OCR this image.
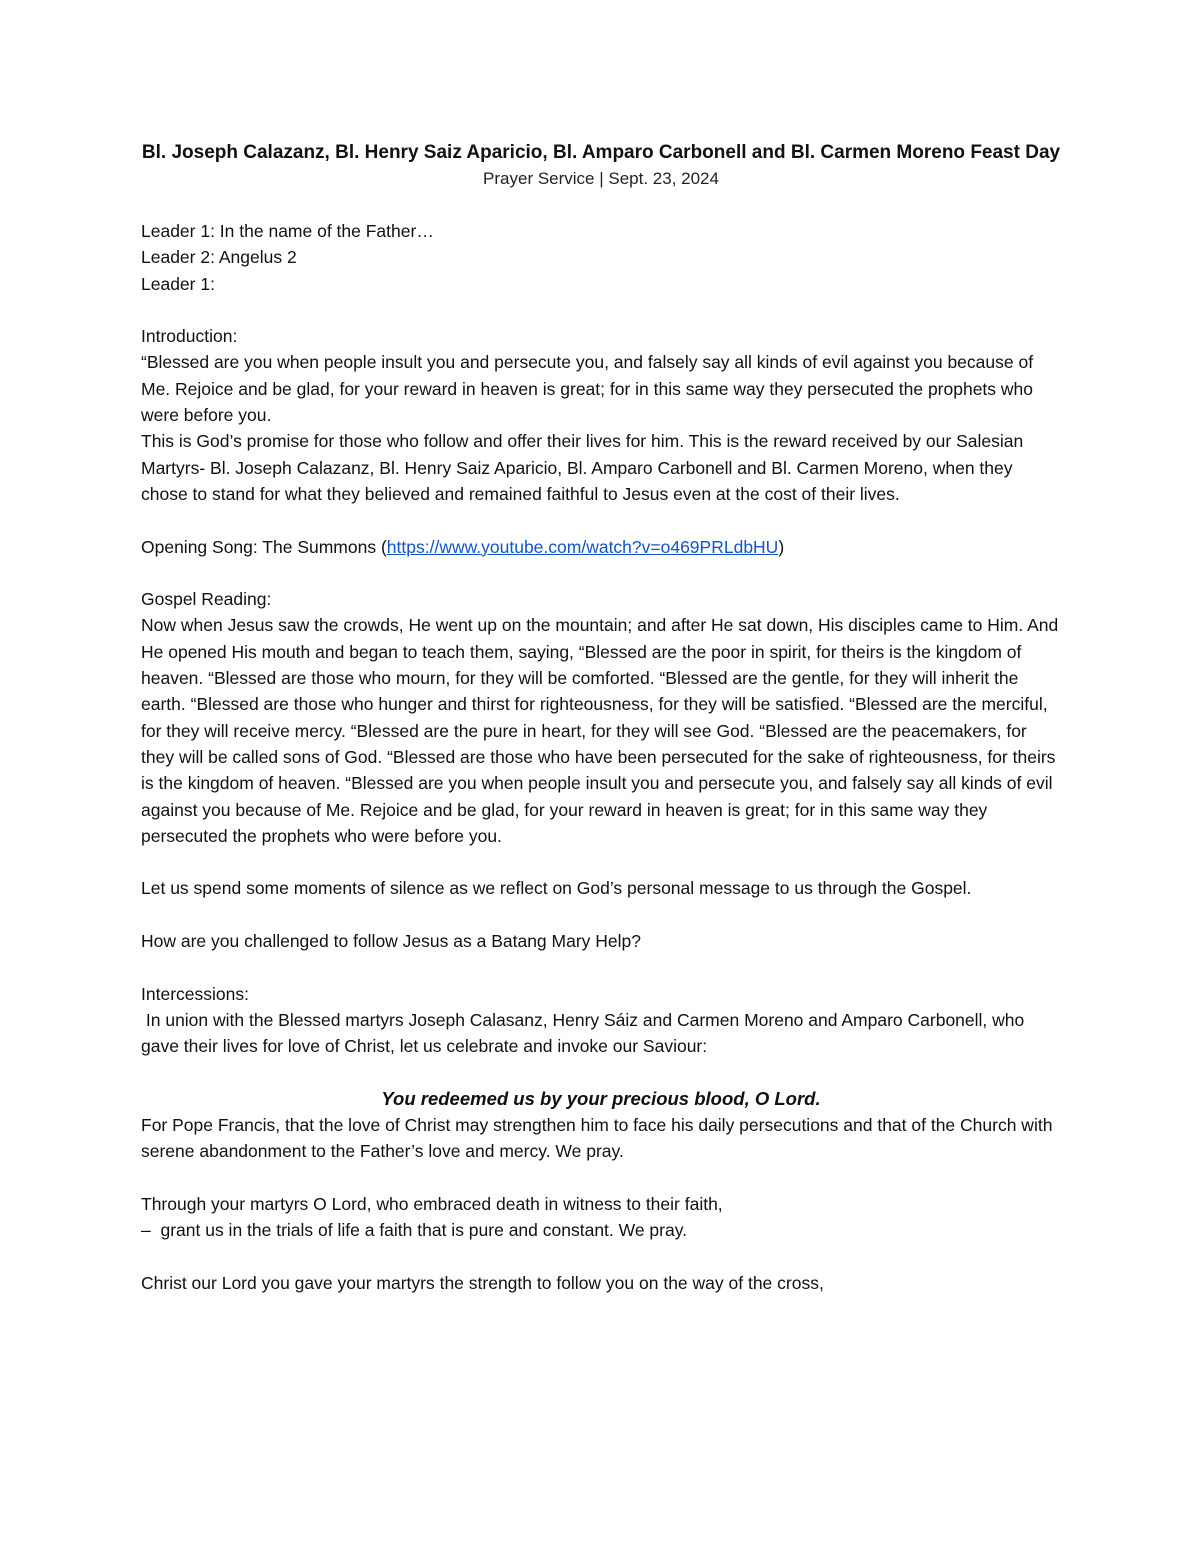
Bl. Joseph Calazanz, Bl. Henry Saiz Aparicio, Bl. Amparo Carbonell and Bl. Carmen Moreno Feast Day

Prayer Service | Sept. 23, 2024

Leader 1: In the name of the Father…

Leader 2: Angelus 2

Leader 1:

Introduction:

“Blessed are you when people insult you and persecute you, and falsely say all kinds of evil against you because of Me. Rejoice and be glad, for your reward in heaven is great; for in this same way they persecuted the prophets who were before you.

This is God’s promise for those who follow and offer their lives for him. This is the reward received by our Salesian Martyrs- Bl. Joseph Calazanz, Bl. Henry Saiz Aparicio, Bl. Amparo Carbonell and Bl. Carmen Moreno, when they chose to stand for what they believed and remained faithful to Jesus even at the cost of their lives.

Opening Song: The Summons (https://www.youtube.com/watch?v=o469PRLdbHU)

Gospel Reading:

Now when Jesus saw the crowds, He went up on the mountain; and after He sat down, His disciples came to Him. And He opened His mouth and began to teach them, saying, “Blessed are the poor in spirit, for theirs is the kingdom of heaven. “Blessed are those who mourn, for they will be comforted. “Blessed are the gentle, for they will inherit the earth. “Blessed are those who hunger and thirst for righteousness, for they will be satisfied. “Blessed are the merciful, for they will receive mercy. “Blessed are the pure in heart, for they will see God. “Blessed are the peacemakers, for they will be called sons of God. “Blessed are those who have been persecuted for the sake of righteousness, for theirs is the kingdom of heaven. “Blessed are you when people insult you and persecute you, and falsely say all kinds of evil against you because of Me. Rejoice and be glad, for your reward in heaven is great; for in this same way they persecuted the prophets who were before you.

Let us spend some moments of silence as we reflect on God’s personal message to us through the Gospel.

How are you challenged to follow Jesus as a Batang Mary Help?

Intercessions:

In union with the Blessed martyrs Joseph Calasanz, Henry Sáiz and Carmen Moreno and Amparo Carbonell, who gave their lives for love of Christ, let us celebrate and invoke our Saviour:

You redeemed us by your precious blood, O Lord.

For Pope Francis, that the love of Christ may strengthen him to face his daily persecutions and that of the Church with serene abandonment to the Father’s love and mercy. We pray.

Through your martyrs O Lord, who embraced death in witness to their faith,

–  grant us in the trials of life a faith that is pure and constant. We pray.

Christ our Lord you gave your martyrs the strength to follow you on the way of the cross,
